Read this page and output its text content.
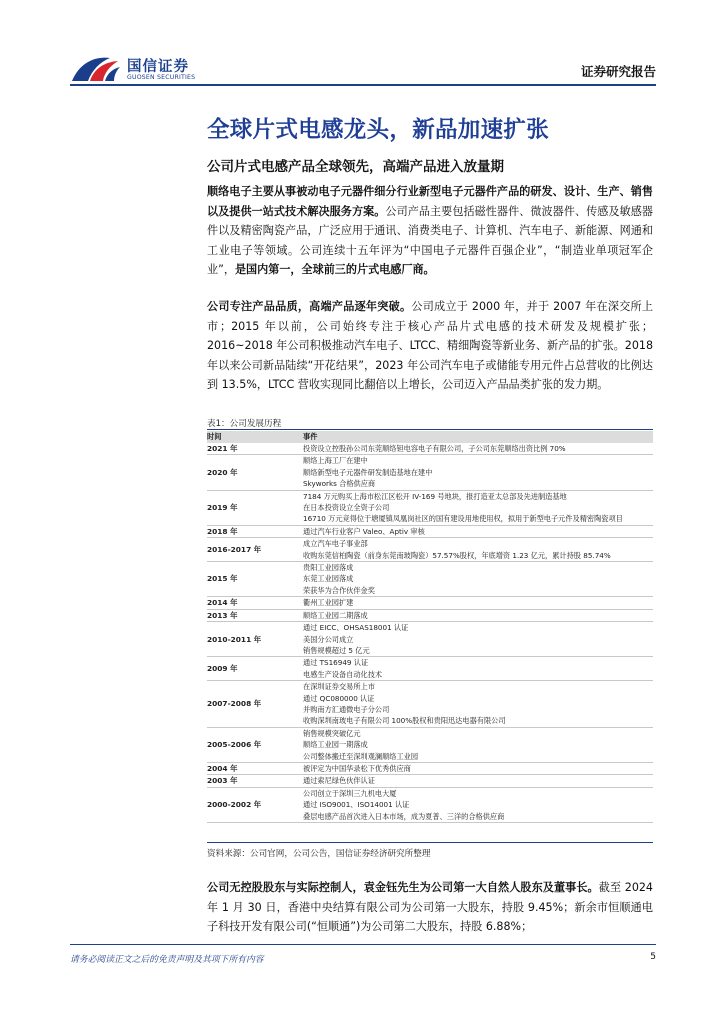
国信证券
GUOSEN SECURITIES	证券研究报告
全球片式电感龙头，新品加速扩张
公司片式电感产品全球领先，高端产品进入放量期
顺络电子主要从事被动电子元器件细分行业新型电子元器件产品的研发、设计、生产、销售以及提供一站式技术解决服务方案。公司产品主要包括磁性器件、微波器件、传感及敏感器件以及精密陶瓷产品，广泛应用于通讯、消费类电子、计算机、汽车电子、新能源、网通和工业电子等领域。公司连续十五年评为“中国电子元器件百强企业”，“制造业单项冠军企业”，是国内第一，全球前三的片式电感厂商。
公司专注产品品质，高端产品逐年突破。公司成立于 2000 年，并于 2007 年在深交所上市；2015 年以前，公司始终专注于核心产品片式电感的技术研发及规模扩张；2016~2018 年公司积极推动汽车电子、LTCC、精细陶瓷等新业务、新产品的扩张。2018 年以来公司新品陆续“开花结果”，2023 年公司汽车电子或储能专用元件占总营收的比例达到 13.5%，LTCC 营收实现同比翻倍以上增长，公司迈入产品品类扩张的发力期。
表1：公司发展历程
时间	事件
2021 年	投资设立控股孙公司东莞顺络钽电容电子有限公司，子公司东莞顺络出资比例 70%

2020 年	顺络上海工厂在建中
顺络新型电子元器件研发制造基地在建中
Skyworks 合格供应商

2019 年	7184 万元购买上海市松江区松开 IV-169 号地块，报打造亚太总部及先进制造基地
在日本投资设立全资子公司
16710 万元竞得位于塘厦镇凤凰岗社区的国有建设用地使用权，拟用于新型电子元件及精密陶瓷项目

2018 年	通过汽车行业客户 Valeo、Aptiv 审核

2016-2017 年	成立汽车电子事业部
收购东莞信柏陶瓷（前身东莞南玻陶瓷）57.57%股权，年底增资 1.23 亿元，累计持股 85.74%

2015 年	贵阳工业园落成
东莞工业园落成
荣获华为合作伙伴金奖

2014 年	衢州工业园扩建

2013 年	顺络工业园二期落成

2010-2011 年	通过 EICC、OHSAS18001 认证
美国分公司成立
销售规模超过 5 亿元

2009 年	通过 TS16949 认证
电感生产设备自动化技术

2007-2008 年	在深圳证券交易所上市
通过 QC080000 认证
并购南方汇通微电子分公司
收购深圳南玻电子有限公司 100%股权和贵阳迅达电器有限公司

2005-2006 年	销售规模突破亿元
顺络工业园一期落成
公司整体搬迁至深圳观澜顺络工业园

2004 年	被评定为中国华录松下优秀供应商

2003 年	通过索尼绿色伙伴认证

2000-2002 年	公司创立于深圳三九机电大厦
通过 ISO9001、ISO14001 认证
叠层电感产品首次进入日本市场，成为夏普、三洋的合格供应商
资料来源：公司官网，公司公告，国信证券经济研究所整理
公司无控股股东与实际控制人，袁金钰先生为公司第一大自然人股东及董事长。截至 2024 年 1 月 30 日，香港中央结算有限公司为公司第一大股东，持股 9.45%；新余市恒顺通电子科技开发有限公司(“恒顺通”)为公司第二大股东，持股 6.88%；
请务必阅读正文之后的免责声明及其项下所有内容	5
